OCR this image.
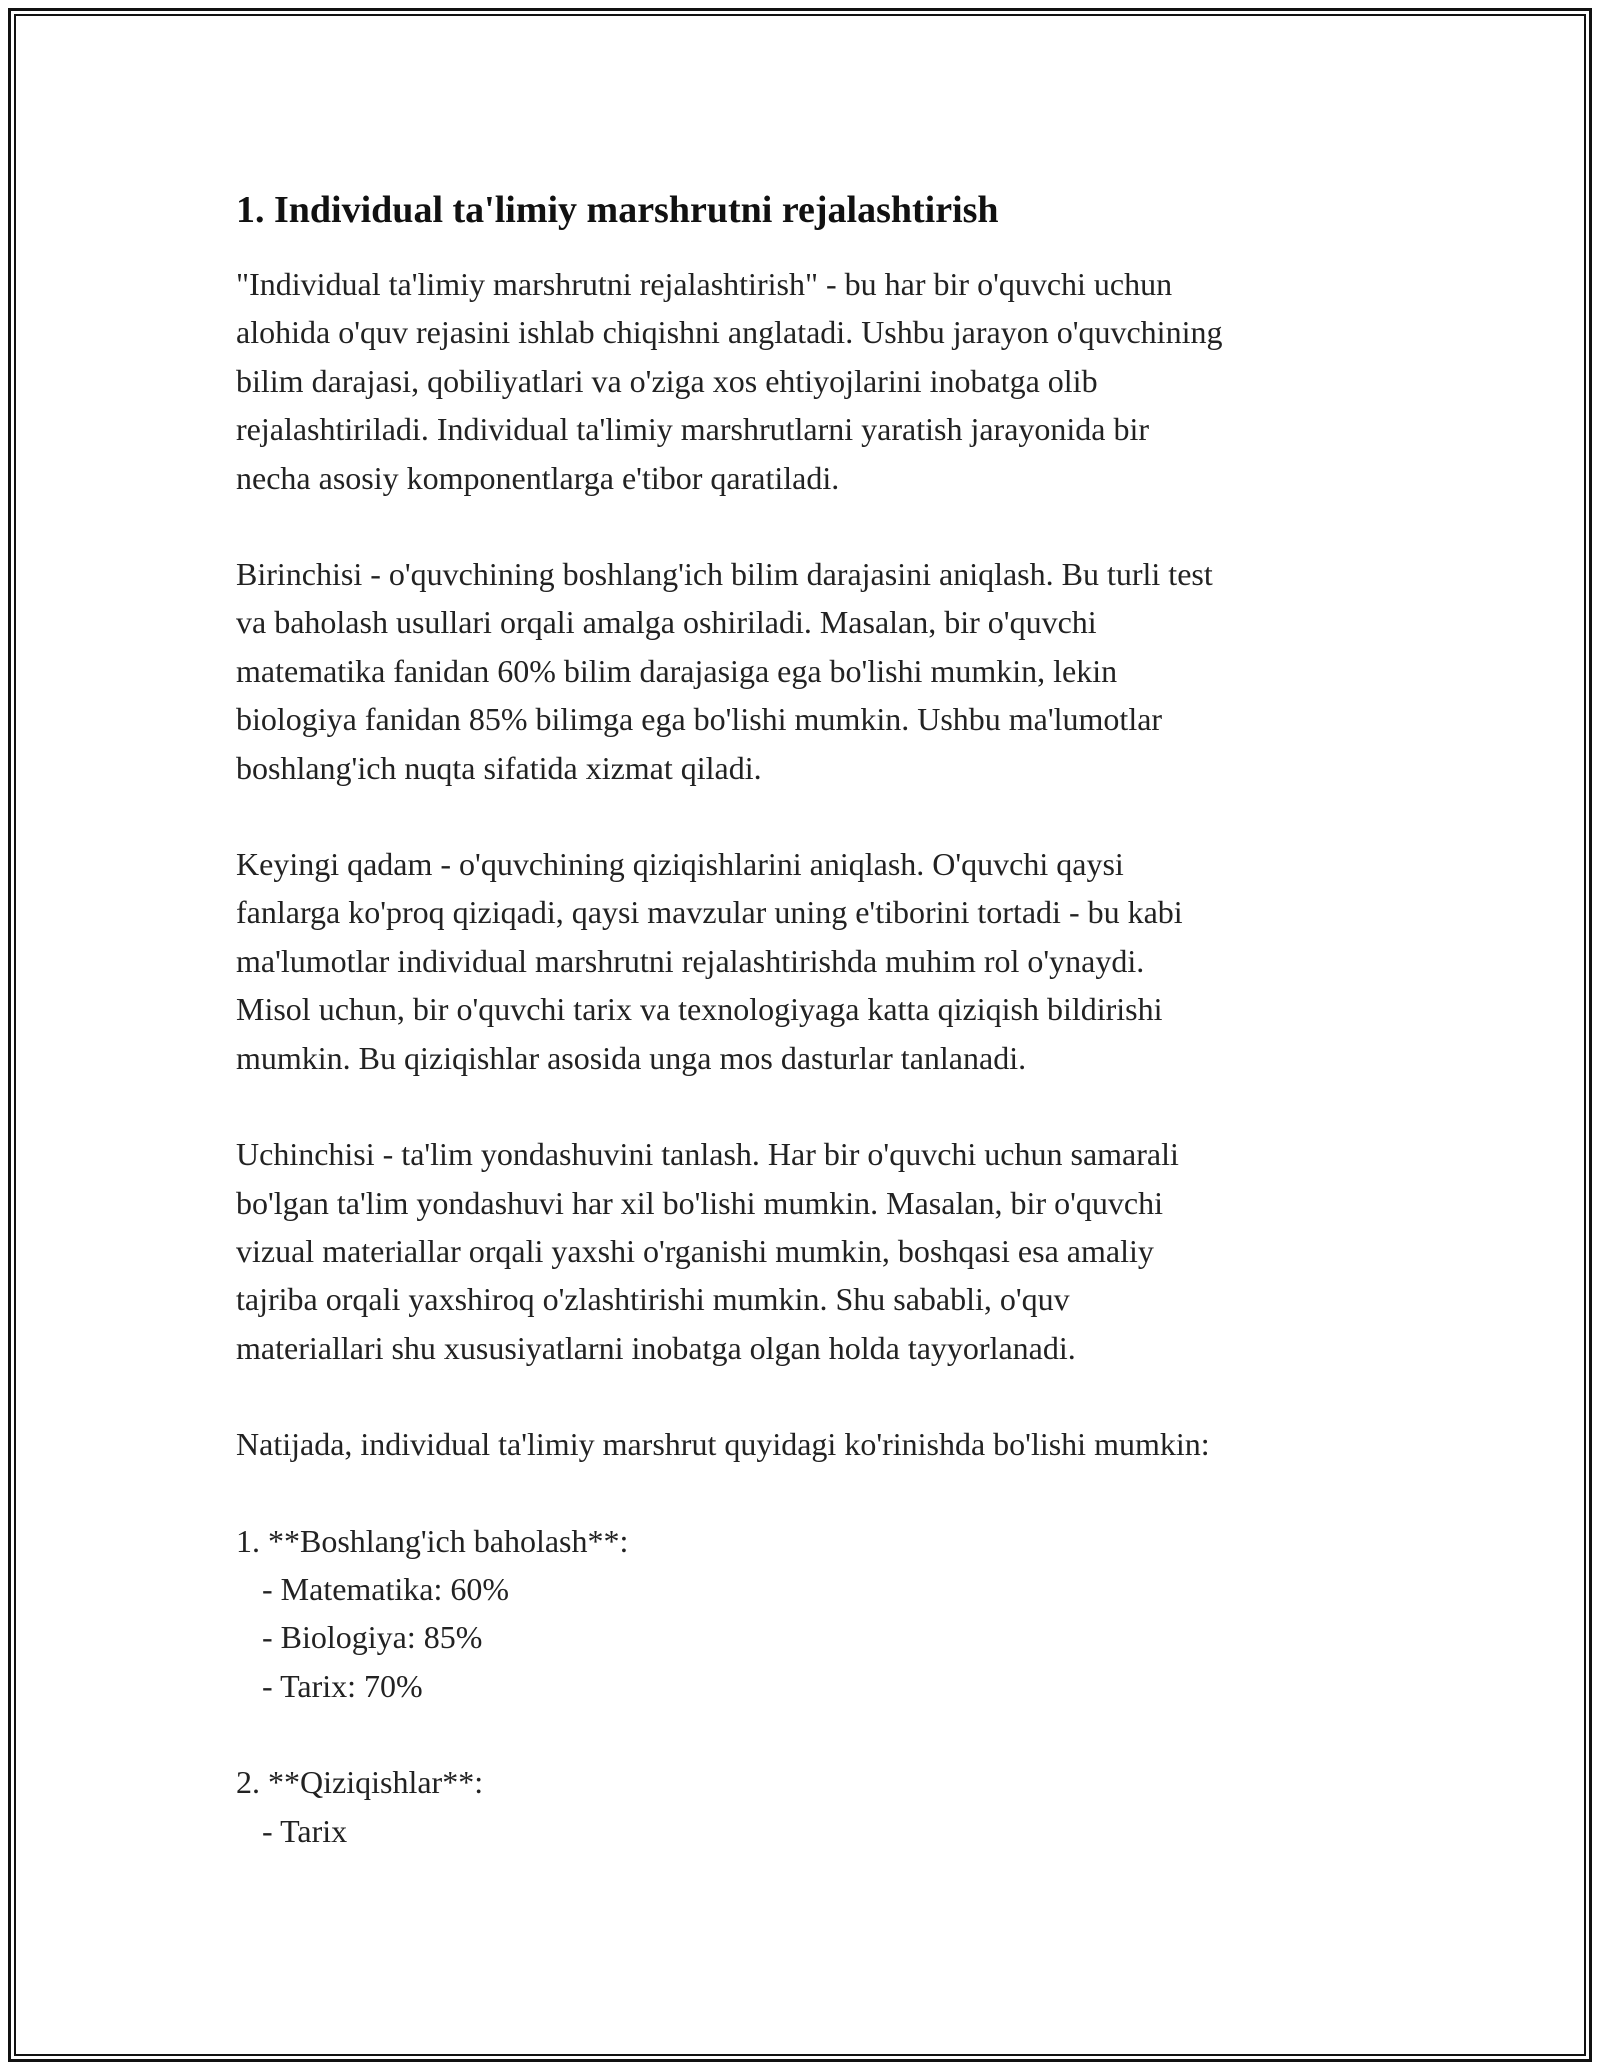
1. Individual ta'limiy marshrutni rejalashtirish

"Individual ta'limiy marshrutni rejalashtirish" - bu har bir o'quvchi uchun
alohida o'quv rejasini ishlab chiqishni anglatadi. Ushbu jarayon o'quvchining
bilim darajasi, qobiliyatlari va o'ziga xos ehtiyojlarini inobatga olib
rejalashtiriladi. Individual ta'limiy marshrutlarni yaratish jarayonida bir
necha asosiy komponentlarga e'tibor qaratiladi.

Birinchisi - o'quvchining boshlang'ich bilim darajasini aniqlash. Bu turli test
va baholash usullari orqali amalga oshiriladi. Masalan, bir o'quvchi
matematika fanidan 60% bilim darajasiga ega bo'lishi mumkin, lekin
biologiya fanidan 85% bilimga ega bo'lishi mumkin. Ushbu ma'lumotlar
boshlang'ich nuqta sifatida xizmat qiladi.

Keyingi qadam - o'quvchining qiziqishlarini aniqlash. O'quvchi qaysi
fanlarga ko'proq qiziqadi, qaysi mavzular uning e'tiborini tortadi - bu kabi
ma'lumotlar individual marshrutni rejalashtirishda muhim rol o'ynaydi.
Misol uchun, bir o'quvchi tarix va texnologiyaga katta qiziqish bildirishi
mumkin. Bu qiziqishlar asosida unga mos dasturlar tanlanadi.

Uchinchisi - ta'lim yondashuvini tanlash. Har bir o'quvchi uchun samarali
bo'lgan ta'lim yondashuvi har xil bo'lishi mumkin. Masalan, bir o'quvchi
vizual materiallar orqali yaxshi o'rganishi mumkin, boshqasi esa amaliy
tajriba orqali yaxshiroq o'zlashtirishi mumkin. Shu sababli, o'quv
materiallari shu xususiyatlarni inobatga olgan holda tayyorlanadi.

Natijada, individual ta'limiy marshrut quyidagi ko'rinishda bo'lishi mumkin:

1. **Boshlang'ich baholash**:
- Matematika: 60%
- Biologiya: 85%
- Tarix: 70%
2. **Qiziqishlar**:
- Tarix
